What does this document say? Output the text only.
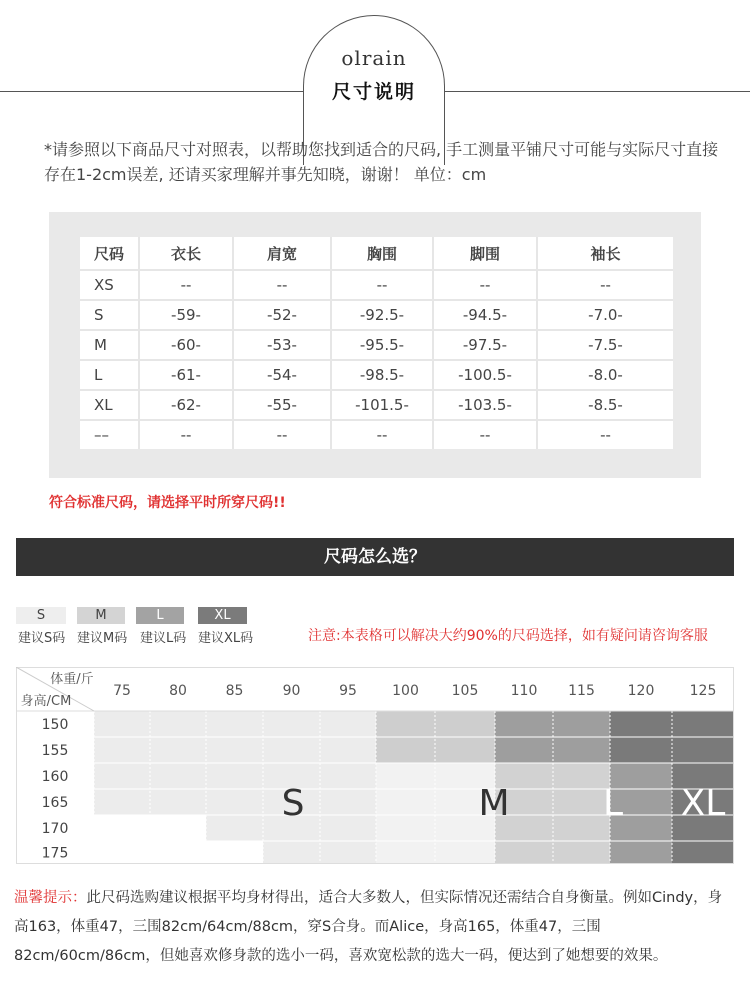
olrain
尺寸说明
*请参照以下商品尺寸对照表，以帮助您找到适合的尺码, 手工测量平铺尺寸可能与实际尺寸直接存在1-2cm误差, 还请买家理解并事先知晓，谢谢！ 单位：cm
尺码	衣长	肩宽	胸围	脚围	袖长
XS	--	--	--	--	--
S	-59-	-52-	-92.5-	-94.5-	-7.0-
M	-60-	-53-	-95.5-	-97.5-	-7.5-
L	-61-	-54-	-98.5-	-100.5-	-8.0-
XL	-62-	-55-	-101.5-	-103.5-	-8.5-
––	--	--	--	--	--
符合标准尺码，请选择平时所穿尺码!!
尺码怎么选？
S
建议S码
M
建议M码
L
建议L码
XL
建议XL码	注意:本表格可以解决大约90%的尺码选择，如有疑问请咨询客服
体重/斤
身高/CM
75	80	85	90	95	100 105 110 115 120	125
150
155
160
165
170
175
S	M	L XL
温馨提示：此尺码选购建议根据平均身材得出，适合大多数人，但实际情况还需结合自身衡量。例如Cindy，身高163，体重47，三围82cm/64cm/88cm，穿S合身。而Alice，身高165，体重47，三围82cm/60cm/86cm，但她喜欢修身款的选小一码，喜欢宽松款的选大一码，便达到了她想要的效果。
